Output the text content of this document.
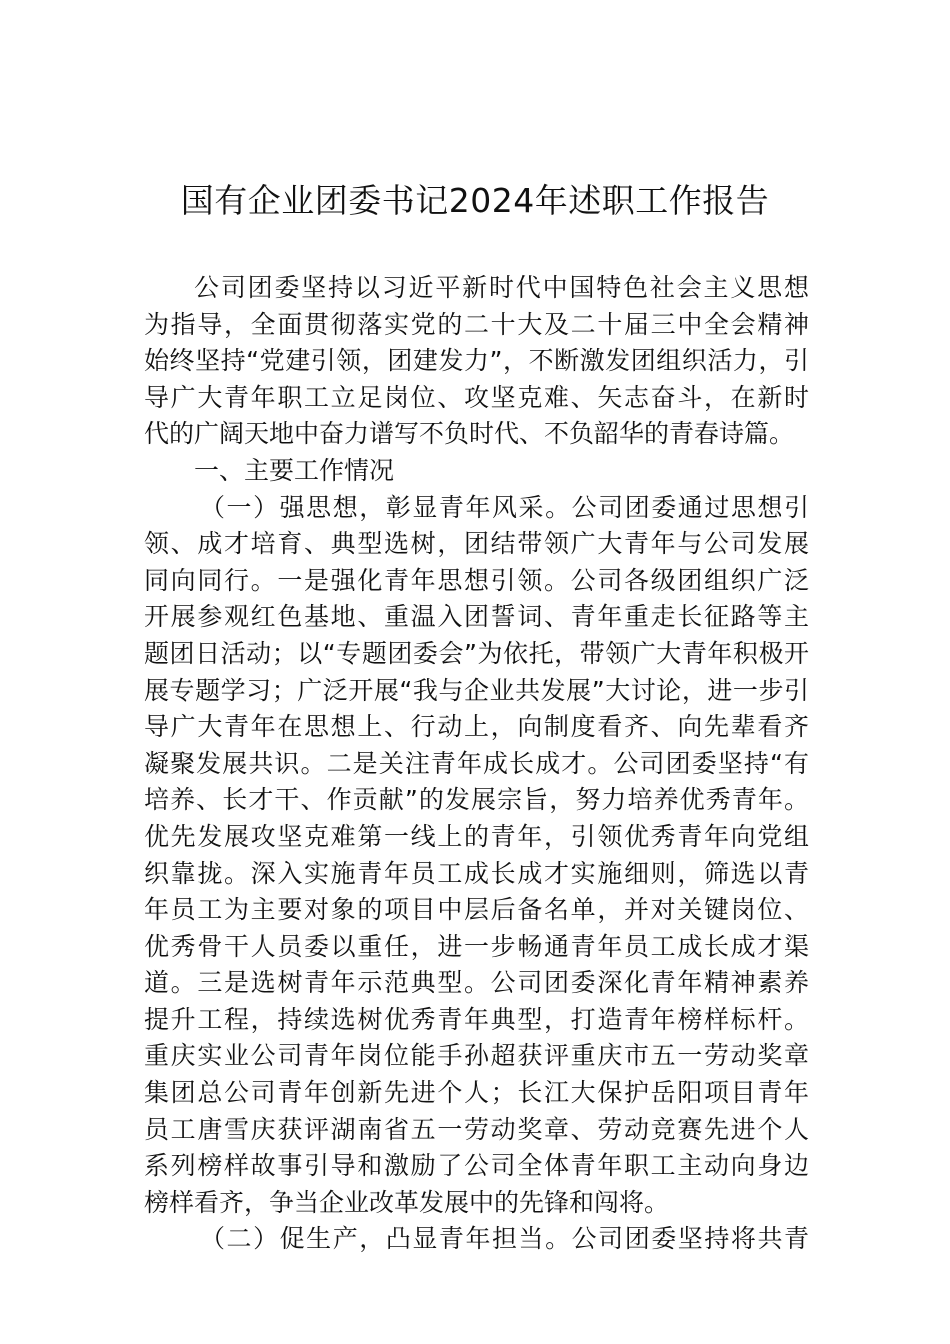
国有企业团委书记2024年述职工作报告
公司团委坚持以习近平新时代中国特色社会主义思想
为指导，全面贯彻落实党的二十大及二十届三中全会精神
始终坚持“党建引领，团建发力”，不断激发团组织活力，引
导广大青年职工立足岗位、攻坚克难、矢志奋斗，在新时
代的广阔天地中奋力谱写不负时代、不负韶华的青春诗篇。
一、主要工作情况
（一）强思想，彰显青年风采。公司团委通过思想引
领、成才培育、典型选树，团结带领广大青年与公司发展
同向同行。一是强化青年思想引领。公司各级团组织广泛
开展参观红色基地、重温入团誓词、青年重走长征路等主
题团日活动；以“专题团委会”为依托，带领广大青年积极开
展专题学习；广泛开展“我与企业共发展”大讨论，进一步引
导广大青年在思想上、行动上，向制度看齐、向先辈看齐
凝聚发展共识。二是关注青年成长成才。公司团委坚持“有
培养、长才干、作贡献”的发展宗旨，努力培养优秀青年。
优先发展攻坚克难第一线上的青年，引领优秀青年向党组
织靠拢。深入实施青年员工成长成才实施细则，筛选以青
年员工为主要对象的项目中层后备名单，并对关键岗位、
优秀骨干人员委以重任，进一步畅通青年员工成长成才渠
道。三是选树青年示范典型。公司团委深化青年精神素养
提升工程，持续选树优秀青年典型，打造青年榜样标杆。
重庆实业公司青年岗位能手孙超获评重庆市五一劳动奖章
集团总公司青年创新先进个人；长江大保护岳阳项目青年
员工唐雪庆获评湖南省五一劳动奖章、劳动竞赛先进个人
系列榜样故事引导和激励了公司全体青年职工主动向身边
榜样看齐，争当企业改革发展中的先锋和闯将。
（二）促生产，凸显青年担当。公司团委坚持将共青
